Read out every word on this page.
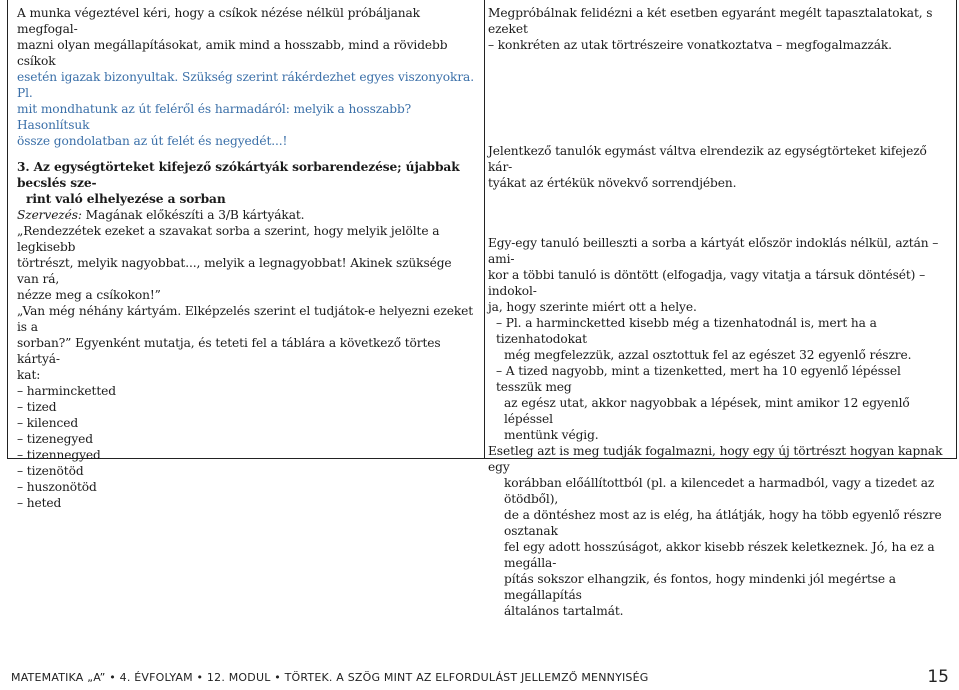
A munka végeztével kéri, hogy a csíkok nézése nélkül próbáljanak megfogal-
mazni olyan megállapításokat, amik mind a hosszabb, mind a rövidebb csíkok
esetén igazak bizonyultak. Szükség szerint rákérdezhet egyes viszonyokra. Pl.
mit mondhatunk az út feléről és harmadáról: melyik a hosszabb? Hasonlítsuk
össze gondolatban az út felét és negyedét...!
3. Az egységtörteket kifejező szókártyák sorbarendezése; újabbak becslés sze-
rint való elhelyezése a sorban
Szervezés: Magának előkészíti a 3/B kártyákat.
„Rendezzétek ezeket a szavakat sorba a szerint, hogy melyik jelölte a legkisebb
törtrészt, melyik nagyobbat..., melyik a legnagyobbat! Akinek szüksége van rá,
nézze meg a csíkokon!”
„Van még néhány kártyám. Elképzelés szerint el tudjátok-e helyezni ezeket is a
sorban?” Egyenként mutatja, és teteti fel a táblára a következő törtes kártyá-
kat:
– harmincketted
– tized
– kilenced
– tizenegyed
– tizennegyed
– tizenötöd
– huszonötöd
– heted
Megpróbálnak felidézni a két esetben egyaránt megélt tapasztalatokat, s ezeket
– konkréten az utak törtrészeire vonatkoztatva – megfogalmazzák.
Jelentkező tanulók egymást váltva elrendezik az egységtörteket kifejező kár-
tyákat az értékük növekvő sorrendjében.
Egy-egy tanuló beilleszti a sorba a kártyát először indoklás nélkül, aztán – ami-
kor a többi tanuló is döntött (elfogadja, vagy vitatja a társuk döntését) – indokol-
ja, hogy szerinte miért ott a helye.
– Pl. a harmincketted kisebb még a tizenhatodnál is, mert ha a tizenhatodokat
még megfelezzük, azzal osztottuk fel az egészet 32 egyenlő részre.
– A tized nagyobb, mint a tizenketted, mert ha 10 egyenlő lépéssel tesszük meg
az egész utat, akkor nagyobbak a lépések, mint amikor 12 egyenlő lépéssel
mentünk végig.
Esetleg azt is meg tudják fogalmazni, hogy egy új törtrészt hogyan kapnak egy
korábban előállítottból (pl. a kilencedet a harmadból, vagy a tizedet az ötödből),
de a döntéshez most az is elég, ha átlátják, hogy ha több egyenlő részre osztanak
fel egy adott hosszúságot, akkor kisebb részek keletkeznek. Jó, ha ez a megálla-
pítás sokszor elhangzik, és fontos, hogy mindenki jól megértse a megállapítás
általános tartalmát.
MATEMATIKA „A” • 4. ÉVFOLYAM • 12. MODUL • TÖRTEK. A SZÖG MINT AZ ELFORDULÁST JELLEMZŐ MENNYISÉG	15
